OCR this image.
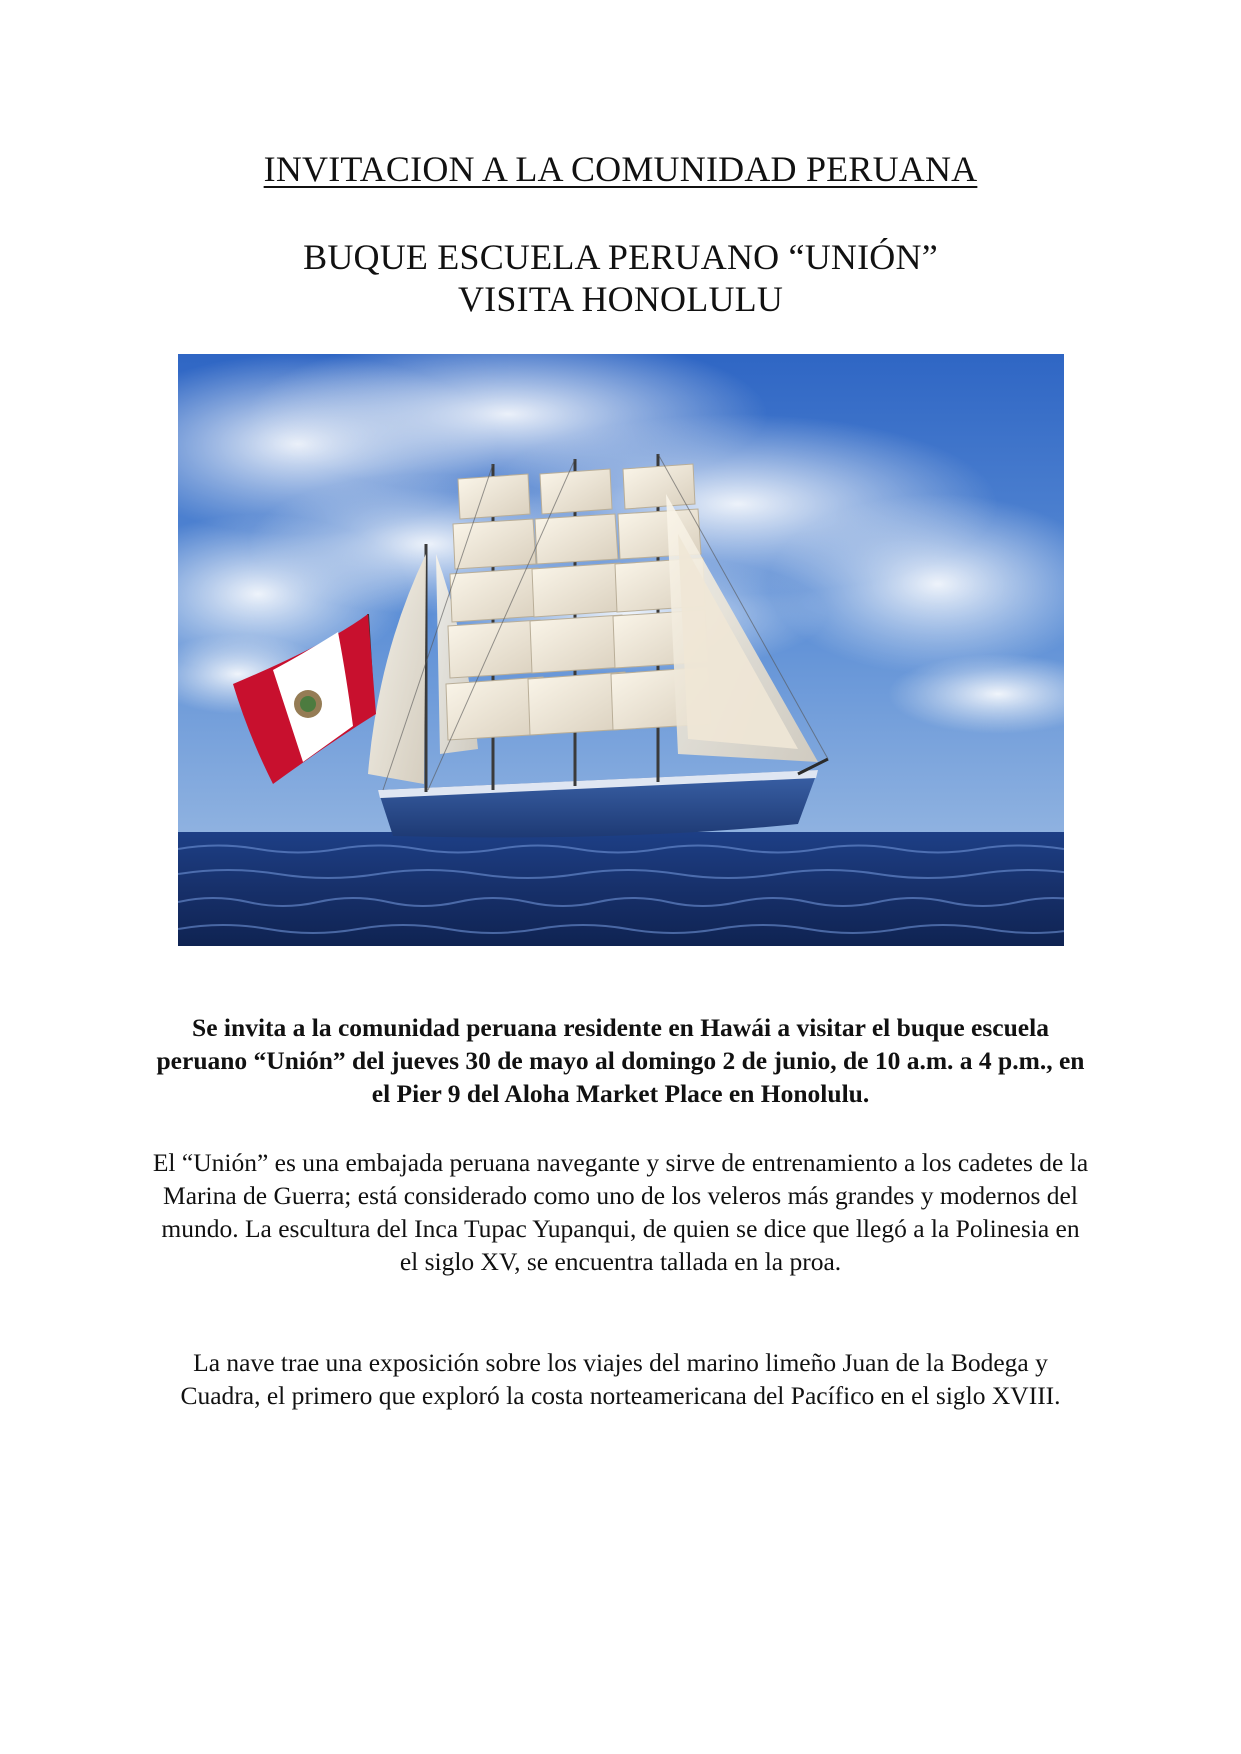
INVITACION A LA COMUNIDAD PERUANA
BUQUE ESCUELA PERUANO “UNIÓN”
VISITA HONOLULU

Se invita a la comunidad peruana residente en Hawái a visitar el buque escuela peruano “Unión” del jueves 30 de mayo al domingo 2 de junio, de 10 a.m. a 4 p.m., en el Pier 9 del Aloha Market Place en Honolulu.

El “Unión” es una embajada peruana navegante y sirve de entrenamiento a los cadetes de la Marina de Guerra; está considerado como uno de los veleros más grandes y modernos del mundo. La escultura del Inca Tupac Yupanqui, de quien se dice que llegó a la Polinesia en el siglo XV, se encuentra tallada en la proa.

La nave trae una exposición sobre los viajes del marino limeño Juan de la Bodega y Cuadra, el primero que exploró la costa norteamericana del Pacífico en el siglo XVIII.
